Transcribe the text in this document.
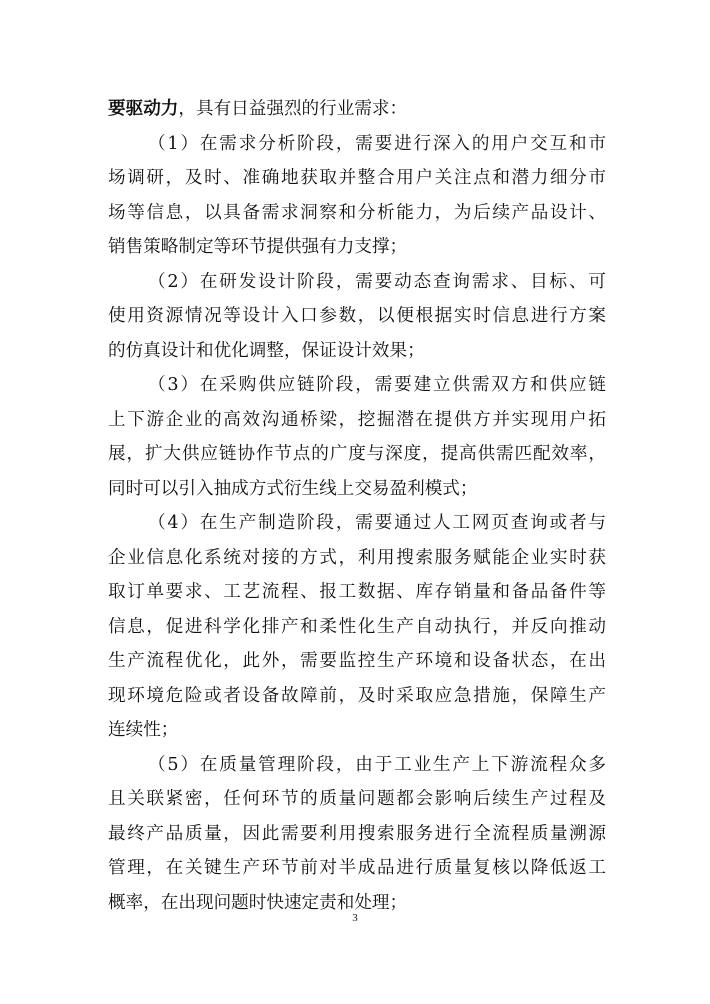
要驱动力，具有日益强烈的行业需求：
（1）在需求分析阶段，需要进行深入的用户交互和市
场调研，及时、准确地获取并整合用户关注点和潜力细分市
场等信息，以具备需求洞察和分析能力，为后续产品设计、
销售策略制定等环节提供强有力支撑；
（2）在研发设计阶段，需要动态查询需求、目标、可
使用资源情况等设计入口参数，以便根据实时信息进行方案
的仿真设计和优化调整，保证设计效果；
（3）在采购供应链阶段，需要建立供需双方和供应链
上下游企业的高效沟通桥梁，挖掘潜在提供方并实现用户拓
展，扩大供应链协作节点的广度与深度，提高供需匹配效率，
同时可以引入抽成方式衍生线上交易盈利模式；
（4）在生产制造阶段，需要通过人工网页查询或者与
企业信息化系统对接的方式，利用搜索服务赋能企业实时获
取订单要求、工艺流程、报工数据、库存销量和备品备件等
信息，促进科学化排产和柔性化生产自动执行，并反向推动
生产流程优化，此外，需要监控生产环境和设备状态，在出
现环境危险或者设备故障前，及时采取应急措施，保障生产
连续性；
（5）在质量管理阶段，由于工业生产上下游流程众多
且关联紧密，任何环节的质量问题都会影响后续生产过程及
最终产品质量，因此需要利用搜索服务进行全流程质量溯源
管理，在关键生产环节前对半成品进行质量复核以降低返工
概率，在出现问题时快速定责和处理；
3
